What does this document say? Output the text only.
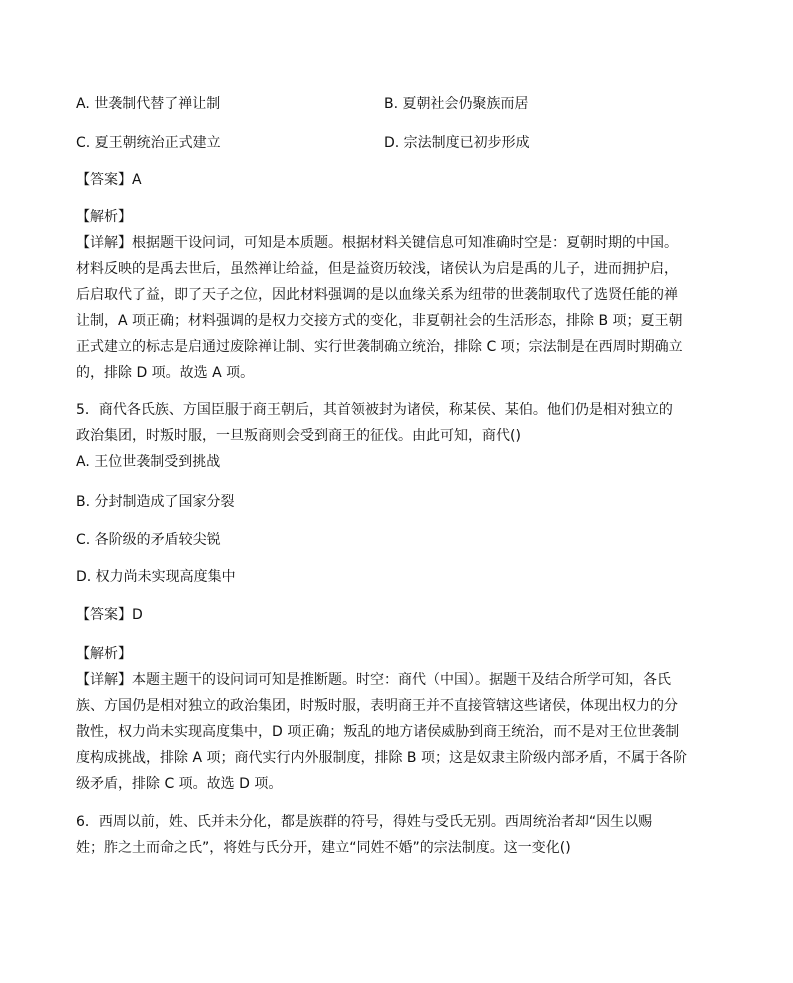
A. 世袭制代替了禅让制	B. 夏朝社会仍聚族而居
C. 夏王朝统治正式建立	D. 宗法制度已初步形成
【答案】A
【解析】
【详解】根据题干设问词，可知是本质题。根据材料关键信息可知准确时空是：夏朝时期的中国。
材料反映的是禹去世后，虽然禅让给益，但是益资历较浅，诸侯认为启是禹的儿子，进而拥护启，
后启取代了益，即了天子之位，因此材料强调的是以血缘关系为纽带的世袭制取代了选贤任能的禅
让制，A 项正确；材料强调的是权力交接方式的变化，非夏朝社会的生活形态，排除 B 项；夏王朝
正式建立的标志是启通过废除禅让制、实行世袭制确立统治，排除 C 项；宗法制是在西周时期确立
的，排除 D 项。故选 A 项。
5．商代各氏族、方国臣服于商王朝后，其首领被封为诸侯，称某侯、某伯。他们仍是相对独立的
政治集团，时叛时服，一旦叛商则会受到商王的征伐。由此可知，商代()
A. 王位世袭制受到挑战
B. 分封制造成了国家分裂
C. 各阶级的矛盾较尖锐
D. 权力尚未实现高度集中
【答案】D
【解析】
【详解】本题主题干的设问词可知是推断题。时空：商代（中国）。据题干及结合所学可知，各氏
族、方国仍是相对独立的政治集团，时叛时服，表明商王并不直接管辖这些诸侯，体现出权力的分
散性，权力尚未实现高度集中，D 项正确；叛乱的地方诸侯威胁到商王统治，而不是对王位世袭制
度构成挑战，排除 A 项；商代实行内外服制度，排除 B 项；这是奴隶主阶级内部矛盾，不属于各阶
级矛盾，排除 C 项。故选 D 项。
6．西周以前，姓、氏并未分化，都是族群的符号，得姓与受氏无别。西周统治者却“因生以赐
姓；胙之土而命之氏”，将姓与氏分开，建立“同姓不婚”的宗法制度。这一变化()
